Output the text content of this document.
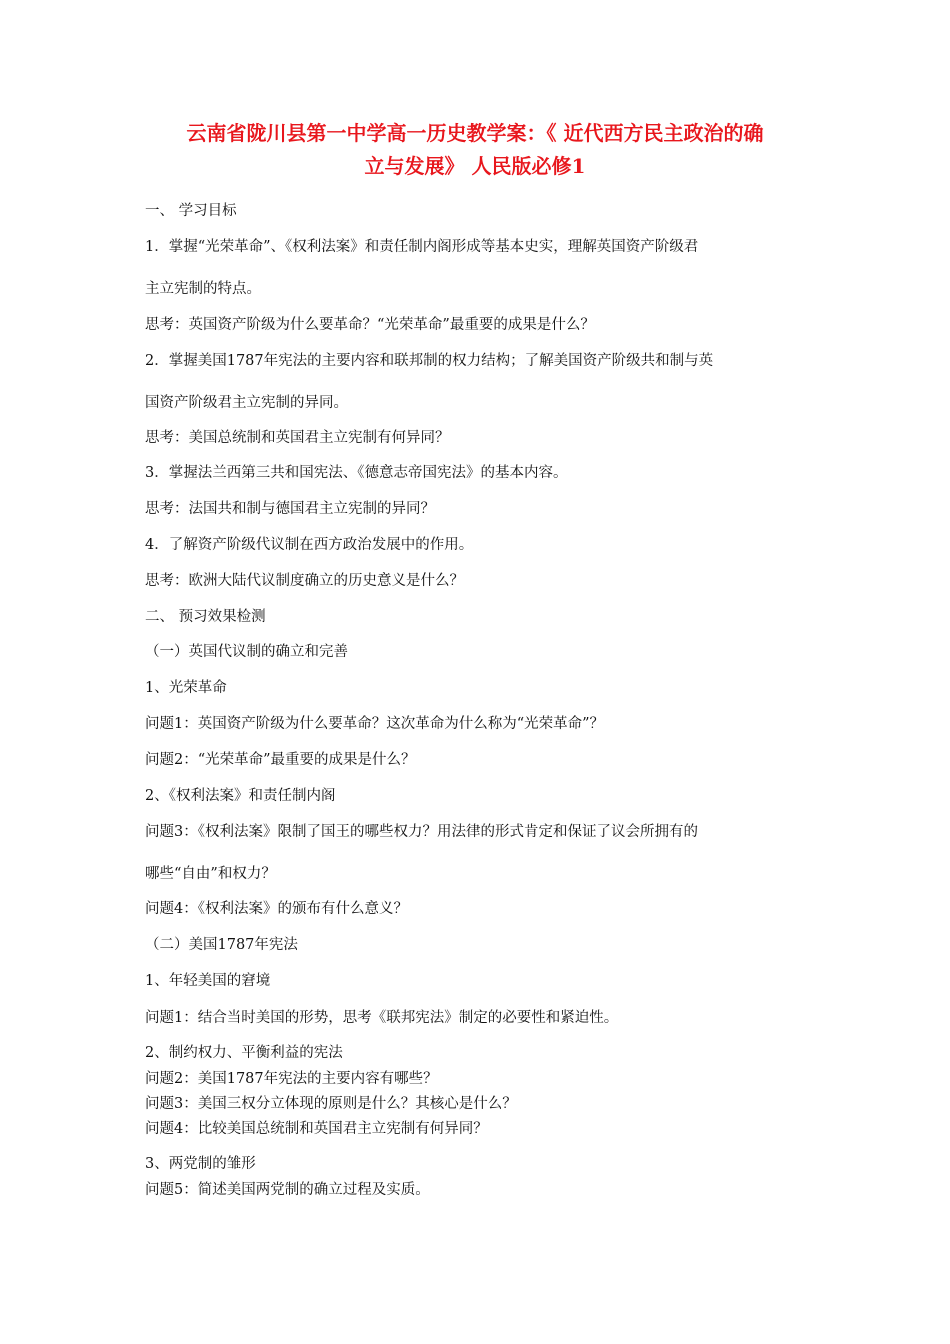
云南省陇川县第一中学高一历史教学案：《 近代西方民主政治的确
立与发展》 人民版必修1

一、 学习目标

1．掌握“光荣革命”、《权利法案》和责任制内阁形成等基本史实，理解英国资产阶级君

主立宪制的特点。

思考：英国资产阶级为什么要革命？“光荣革命”最重要的成果是什么？

2．掌握美国1787年宪法的主要内容和联邦制的权力结构；了解美国资产阶级共和制与英

国资产阶级君主立宪制的异同。

思考：美国总统制和英国君主立宪制有何异同？

3．掌握法兰西第三共和国宪法、《德意志帝国宪法》的基本内容。

思考：法国共和制与德国君主立宪制的异同？

4．了解资产阶级代议制在西方政治发展中的作用。

思考：欧洲大陆代议制度确立的历史意义是什么？

二、 预习效果检测

（一）英国代议制的确立和完善

1、光荣革命

问题1：英国资产阶级为什么要革命？这次革命为什么称为“光荣革命”？

问题2：“光荣革命”最重要的成果是什么？

2、《权利法案》和责任制内阁

问题3：《权利法案》限制了国王的哪些权力？用法律的形式肯定和保证了议会所拥有的

哪些“自由”和权力？

问题4：《权利法案》的颁布有什么意义？

（二）美国1787年宪法

1、年轻美国的窘境

问题1：结合当时美国的形势，思考《联邦宪法》制定的必要性和紧迫性。

2、制约权力、平衡利益的宪法

问题2：美国1787年宪法的主要内容有哪些？

问题3：美国三权分立体现的原则是什么？其核心是什么？

问题4：比较美国总统制和英国君主立宪制有何异同？

3、两党制的雏形

问题5：简述美国两党制的确立过程及实质。
